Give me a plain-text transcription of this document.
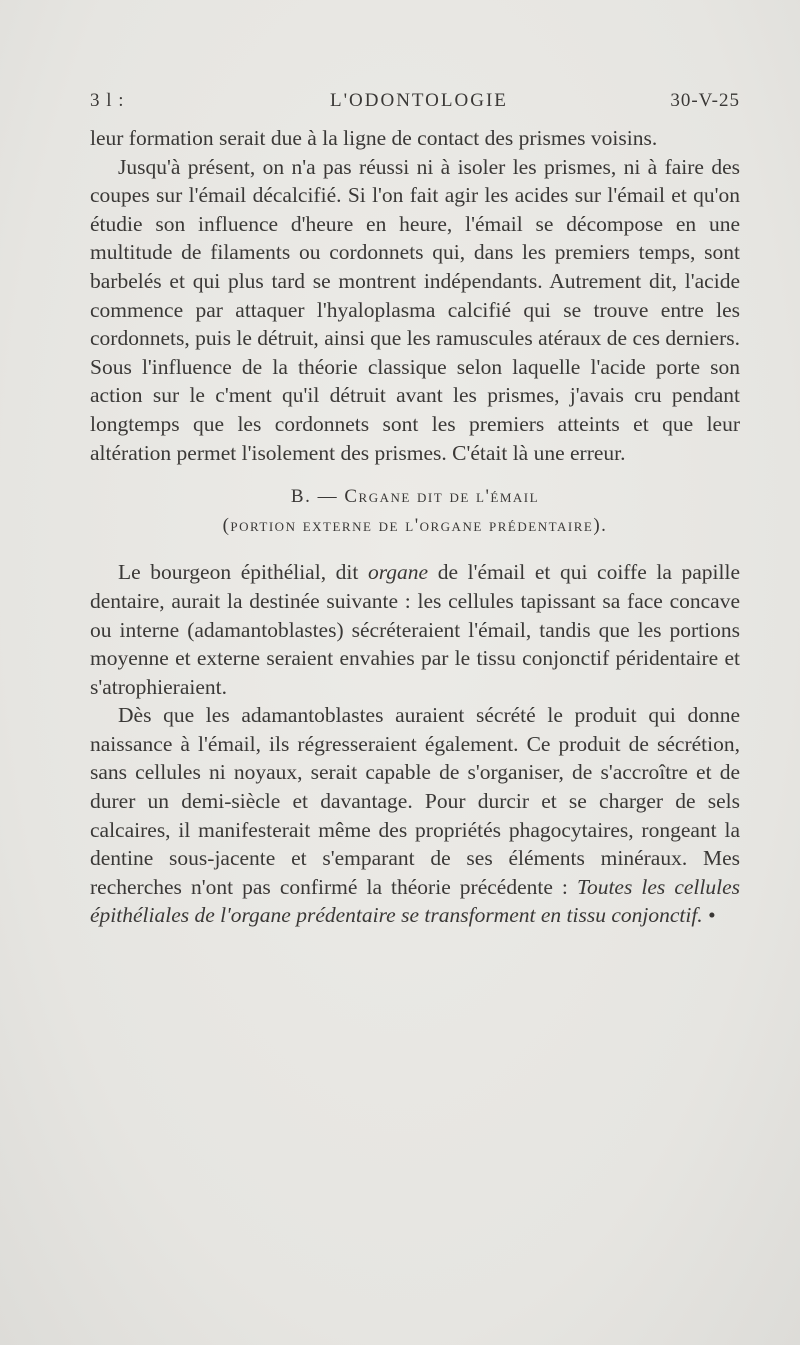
3 l :	L'ODONTOLOGIE	30-V-25

leur formation serait due à la ligne de contact des prismes voisins.

Jusqu'à présent, on n'a pas réussi ni à isoler les prismes, ni à faire des coupes sur l'émail décalcifié. Si l'on fait agir les acides sur l'émail et qu'on étudie son influence d'heure en heure, l'émail se décompose en une multitude de filaments ou cordonnets qui, dans les premiers temps, sont barbelés et qui plus tard se montrent indépendants. Autrement dit, l'acide commence par attaquer l'hyaloplasma calcifié qui se trouve entre les cordonnets, puis le détruit, ainsi que les ramuscules atéraux de ces derniers. Sous l'influence de la théorie classique selon laquelle l'acide porte son action sur le c'ment qu'il détruit avant les prismes, j'avais cru pendant longtemps que les cordonnets sont les premiers atteints et que leur altération permet l'isolement des prismes. C'était là une erreur.

B. — Crgane dit de l'émail
(portion externe de l'organe prédentaire).

Le bourgeon épithélial, dit organe de l'émail et qui coiffe la papille dentaire, aurait la destinée suivante : les cellules tapissant sa face concave ou interne (adamantoblastes) sécréteraient l'émail, tandis que les portions moyenne et externe seraient envahies par le tissu conjonctif péridentaire et s'atrophieraient.

Dès que les adamantoblastes auraient sécrété le produit qui donne naissance à l'émail, ils régresseraient également. Ce produit de sécrétion, sans cellules ni noyaux, serait capable de s'organiser, de s'accroître et de durer un demi-siècle et davantage. Pour durcir et se charger de sels calcaires, il manifesterait même des propriétés phagocytaires, rongeant la dentine sous-jacente et s'emparant de ses éléments minéraux. Mes recherches n'ont pas confirmé la théorie précédente : Toutes les cellules épithéliales de l'organe prédentaire se transforment en tissu conjonctif. •
